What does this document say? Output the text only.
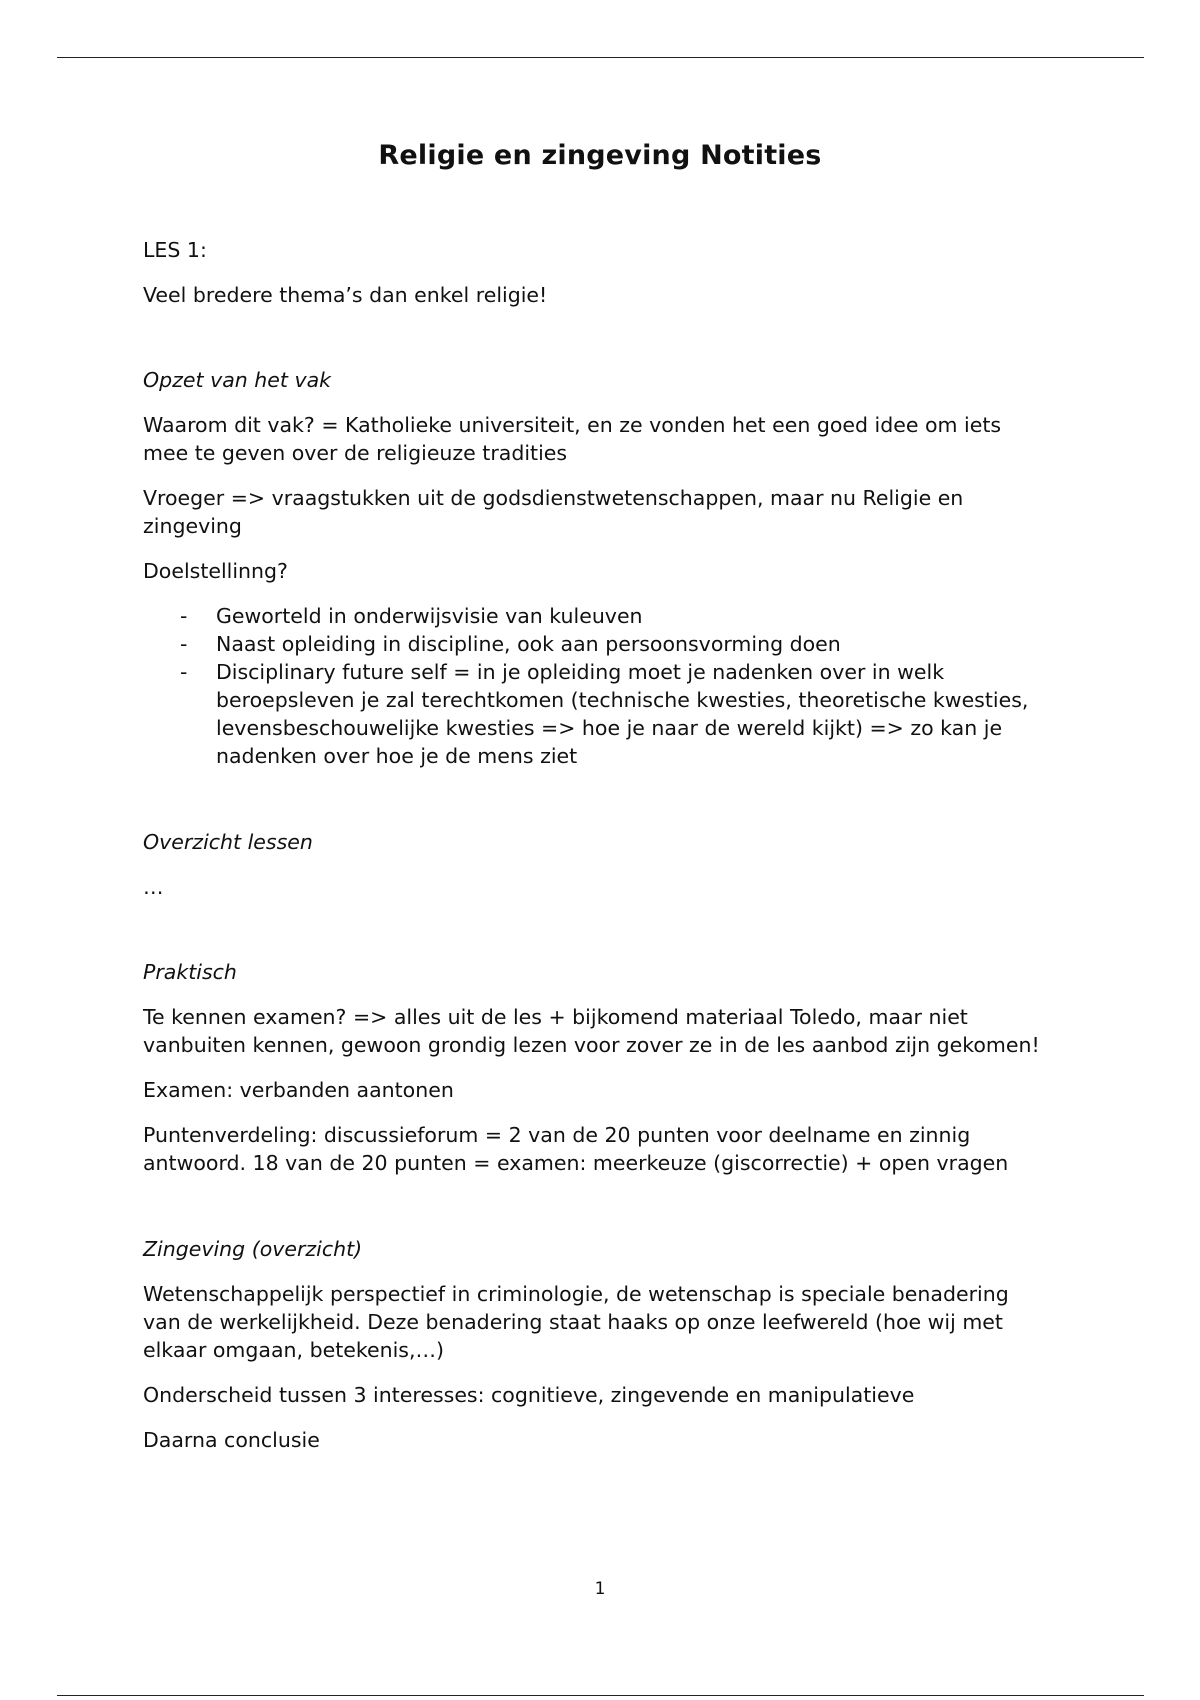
Religie en zingeving Notities

LES 1:

Veel bredere thema’s dan enkel religie!

Opzet van het vak

Waarom dit vak? = Katholieke universiteit, en ze vonden het een goed idee om iets mee te geven over de religieuze tradities

Vroeger => vraagstukken uit de godsdienstwetenschappen, maar nu Religie en zingeving

Doelstellinng?

- Geworteld in onderwijsvisie van kuleuven
- Naast opleiding in discipline, ook aan persoonsvorming doen
- Disciplinary future self = in je opleiding moet je nadenken over in welk beroepsleven je zal terechtkomen (technische kwesties, theoretische kwesties, levensbeschouwelijke kwesties => hoe je naar de wereld kijkt) => zo kan je nadenken over hoe je de mens ziet

Overzicht lessen

…

Praktisch

Te kennen examen? => alles uit de les + bijkomend materiaal Toledo, maar niet vanbuiten kennen, gewoon grondig lezen voor zover ze in de les aanbod zijn gekomen!

Examen: verbanden aantonen

Puntenverdeling: discussieforum = 2 van de 20 punten voor deelname en zinnig antwoord. 18 van de 20 punten = examen: meerkeuze (giscorrectie) + open vragen

Zingeving (overzicht)

Wetenschappelijk perspectief in criminologie, de wetenschap is speciale benadering van de werkelijkheid. Deze benadering staat haaks op onze leefwereld (hoe wij met elkaar omgaan, betekenis,…)

Onderscheid tussen 3 interesses: cognitieve, zingevende en manipulatieve

Daarna conclusie

1
